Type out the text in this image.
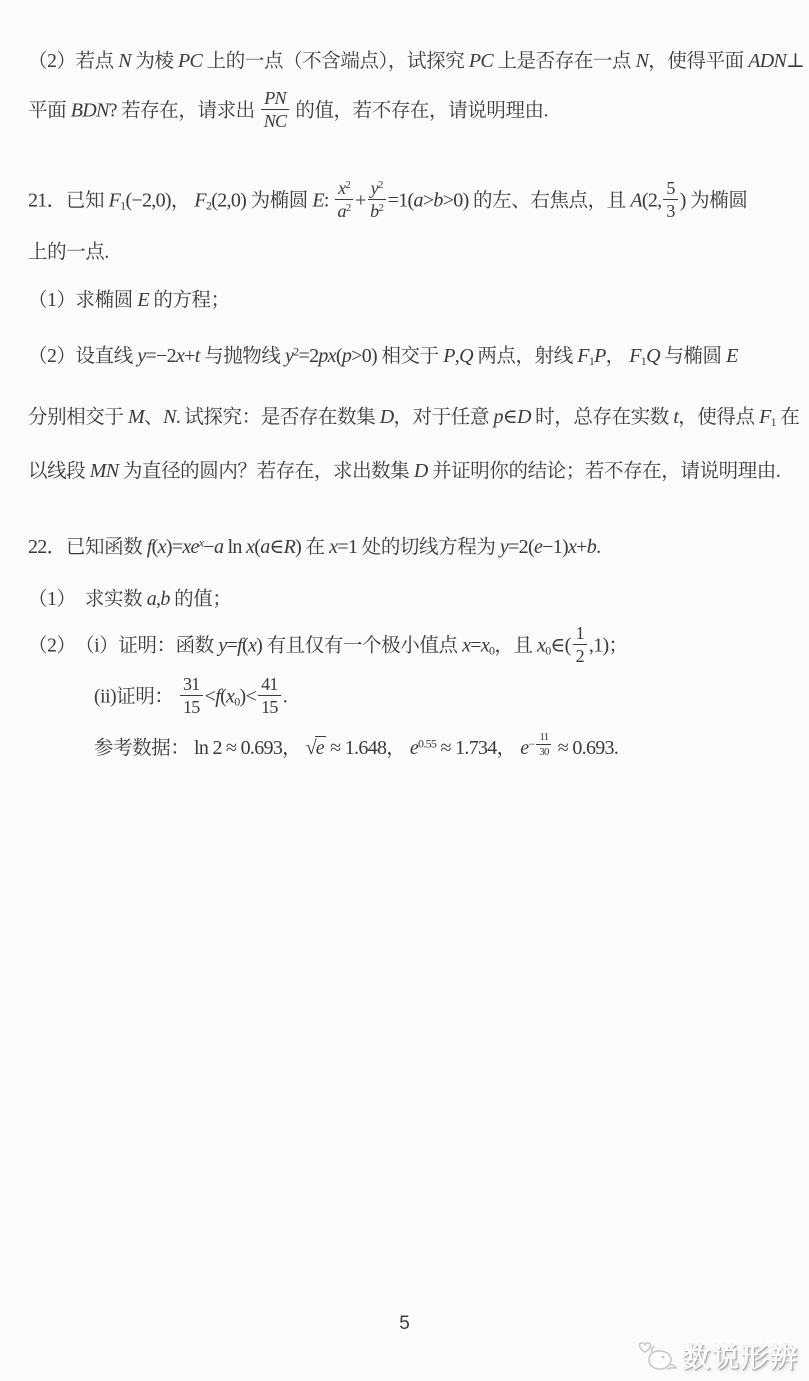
（2）若点 N 为棱 PC 上的一点（不含端点），试探究 PC 上是否存在一点 N，使得平面 ADN⊥
平面 BDN? 若存在，请求出 $\frac{PN}{NC}$ 的值，若不存在，请说明理由.
21．已知 F1(−2,0)， F2(2,0) 为椭圆 E: $\frac{x^2}{a^2} + \frac{y^2}{b^2} =1(a>b>0)$ 的左、右焦点，且 A(2, $\frac{5}{3}$ ) 为椭圆
上的一点.
（1）求椭圆 E 的方程；
（2）设直线 y=−2x+t 与抛物线 $y^2=2px(p>0)$ 相交于 P,Q 两点，射线 F1P， F1Q 与椭圆 E
分别相交于 M、N. 试探究：是否存在数集 D，对于任意 p∈D 时，总存在实数 t，使得点 F1 在
以线段 MN 为直径的圆内？若存在，求出数集 D 并证明你的结论；若不存在，请说明理由.
22．已知函数 $f(x)=xe^x-a$ ln x(a∈R) 在 x=1 处的切线方程为 y=2(e−1)x+b.
（1）　求实数 a,b 的值；
（2）　（i）证明：函数 y=f(x) 有且仅有一个极小值点 x=x0，且 x0∈( $\frac{1}{2} ,1$)；
(ii)证明： $\frac{31}{15} <f(x0)< \frac{41}{15}$ .
参考数据： ln 2 ≈ 0.693， √e ≈ 1.648， $e^{0.55} \approx 1.734$， $e^{- \frac{11}{30}} \approx 0.693$.
5
数说形辨
